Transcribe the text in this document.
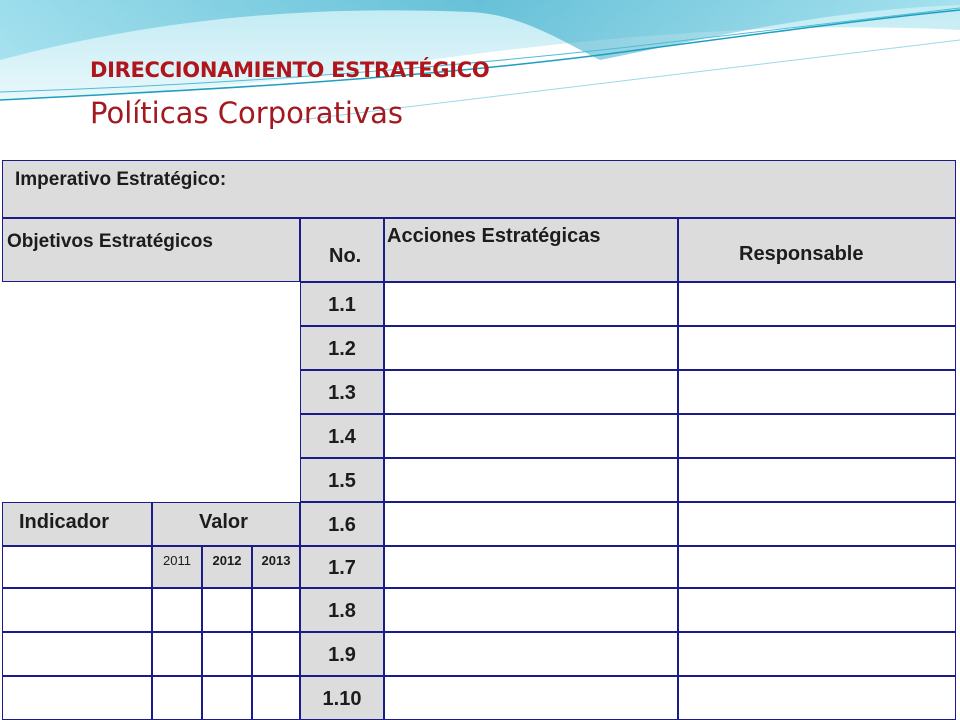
DIRECCIONAMIENTO ESTRATÉGICO
Políticas Corporativas
Imperativo Estratégico:
Objetivos Estratégicos
No.
Acciones Estratégicas
Responsable
Indicador	Valor
2011 2012 2013
1.1
1.2
1.3
1.4
1.5
1.6
1.7
1.8
1.9
1.10
